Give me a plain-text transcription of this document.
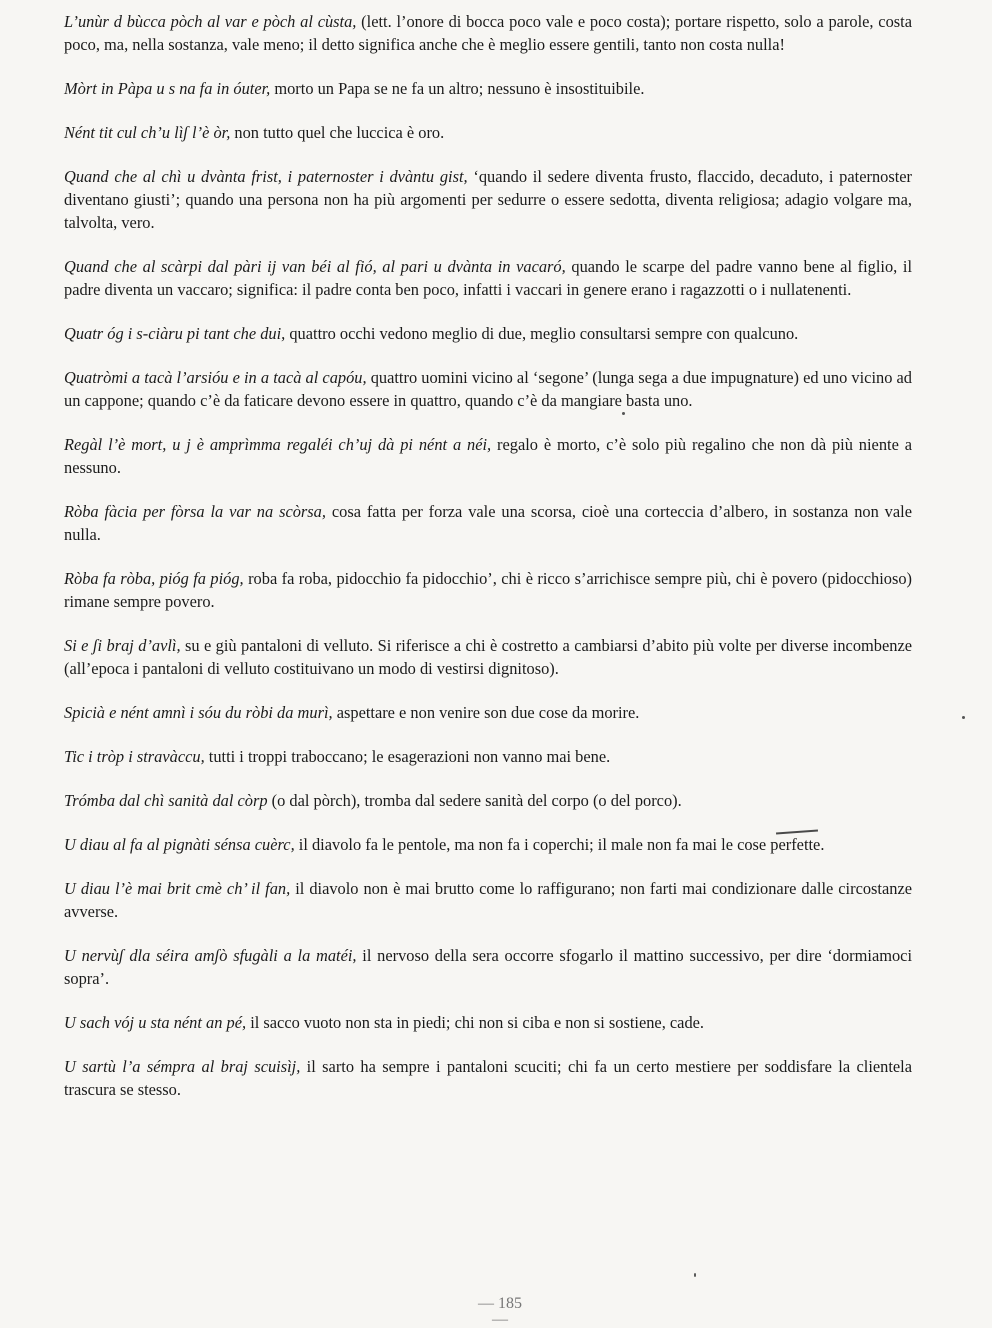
L’unùr d bùcca pòch al var e pòch al cùsta, (lett. l’onore di bocca poco vale e poco costa); portare rispetto, solo a parole, costa poco, ma, nella sostanza, vale meno; il detto significa anche che è meglio essere gentili, tanto non costa nulla!

Mòrt in Pàpa u s na fa in óuter, morto un Papa se ne fa un altro; nessuno è insostituibile.

Nént tit cul ch’u lìʃ l’è òr, non tutto quel che luccica è oro.

Quand che al chì u dvànta frist, i paternoster i dvàntu gist, ‘quando il sedere diventa frusto, flaccido, decaduto, i paternoster diventano giusti’; quando una persona non ha più argomenti per sedurre o essere sedotta, diventa religiosa; adagio volgare ma, talvolta, vero.

Quand che al scàrpi dal pàri ij van béi al fió, al pari u dvànta in vacaró, quando le scarpe del padre vanno bene al figlio, il padre diventa un vaccaro; significa: il padre conta ben poco, infatti i vaccari in genere erano i ragazzotti o i nullatenenti.

Quatr óg i s-ciàru pi tant che dui, quattro occhi vedono meglio di due, meglio consultarsi sempre con qualcuno.

Quatròmi a tacà l’arsióu e in a tacà al capóu, quattro uomini vicino al ‘segone’ (lunga sega a due impugnature) ed uno vicino ad un cappone; quando c’è da faticare devono essere in quattro, quando c’è da mangiare basta uno.

Regàl l’è mort, u j è amprìmma regaléi ch’uj dà pi nént a néi, regalo è morto, c’è solo più regalino che non dà più niente a nessuno.

Ròba fàcia per fòrsa la var na scòrsa, cosa fatta per forza vale una scorsa, cioè una corteccia d’albero, in sostanza non vale nulla.

Ròba fa ròba, pióg fa pióg, roba fa roba, pidocchio fa pidocchio’, chi è ricco s’arrichisce sempre più, chi è povero (pidocchioso) rimane sempre povero.

Si e ʃi braj d’avlì, su e giù pantaloni di velluto. Si riferisce a chi è costretto a cambiarsi d’abito più volte per diverse incombenze (all’epoca i pantaloni di velluto costituivano un modo di vestirsi dignitoso).

Spicià e nént amnì i sóu du ròbi da murì, aspettare e non venire son due cose da morire.

Tic i tròp i stravàccu, tutti i troppi traboccano; le esagerazioni non vanno mai bene.

Trómba dal chì sanità dal còrp (o dal pòrch), tromba dal sedere sanità del corpo (o del porco).

U diau al fa al pignàti sénsa cuèrc, il diavolo fa le pentole, ma non fa i coperchi; il male non fa mai le cose perfette.

U diau l’è mai brit cmè ch’ il fan, il diavolo non è mai brutto come lo raffigurano; non farti mai condizionare dalle circostanze avverse.

U nervùʃ dla séira amʃò sfugàli a la matéi, il nervoso della sera occorre sfogarlo il mattino successivo, per dire ‘dormiamoci sopra’.

U sach vój u sta nént an pé, il sacco vuoto non sta in piedi; chi non si ciba e non si sostiene, cade.

U sartù l’a sémpra al braj scuisìj, il sarto ha sempre i pantaloni scuciti; chi fa un certo mestiere per soddisfare la clientela trascura se stesso.

— 185 —
